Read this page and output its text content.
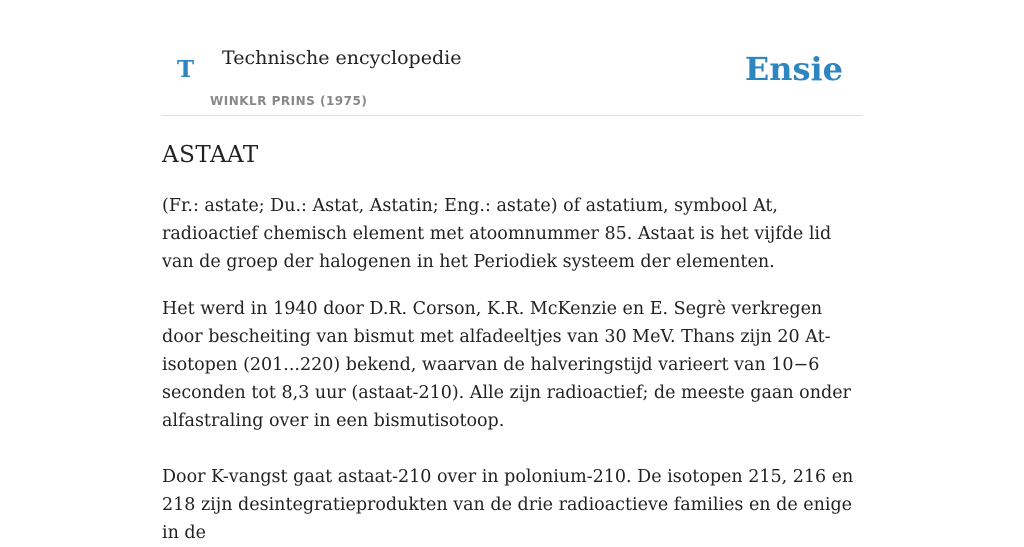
T Technische encyclopedie
WINKLR PRINS (1975)
Ensie
ASTAAT

(Fr.: astate; Du.: Astat, Astatin; Eng.: astate) of astatium, symbool At, radioactief chemisch element met atoomnummer 85. Astaat is het vijfde lid van de groep der halogenen in het Periodiek systeem der elementen.

Het werd in 1940 door D.R. Corson, K.R. McKenzie en E. Segrè verkregen door bescheiting van bismut met alfadeeltjes van 30 MeV. Thans zijn 20 At-isotopen (201...220) bekend, waarvan de halveringstijd varieert van 10−6 seconden tot 8,3 uur (astaat-210). Alle zijn radioactief; de meeste gaan onder alfastraling over in een bismutisotoop.

Door K-vangst gaat astaat-210 over in polonium-210. De isotopen 215, 216 en 218 zijn desintegratieprodukten van de drie radioactieve families en de enige in de
